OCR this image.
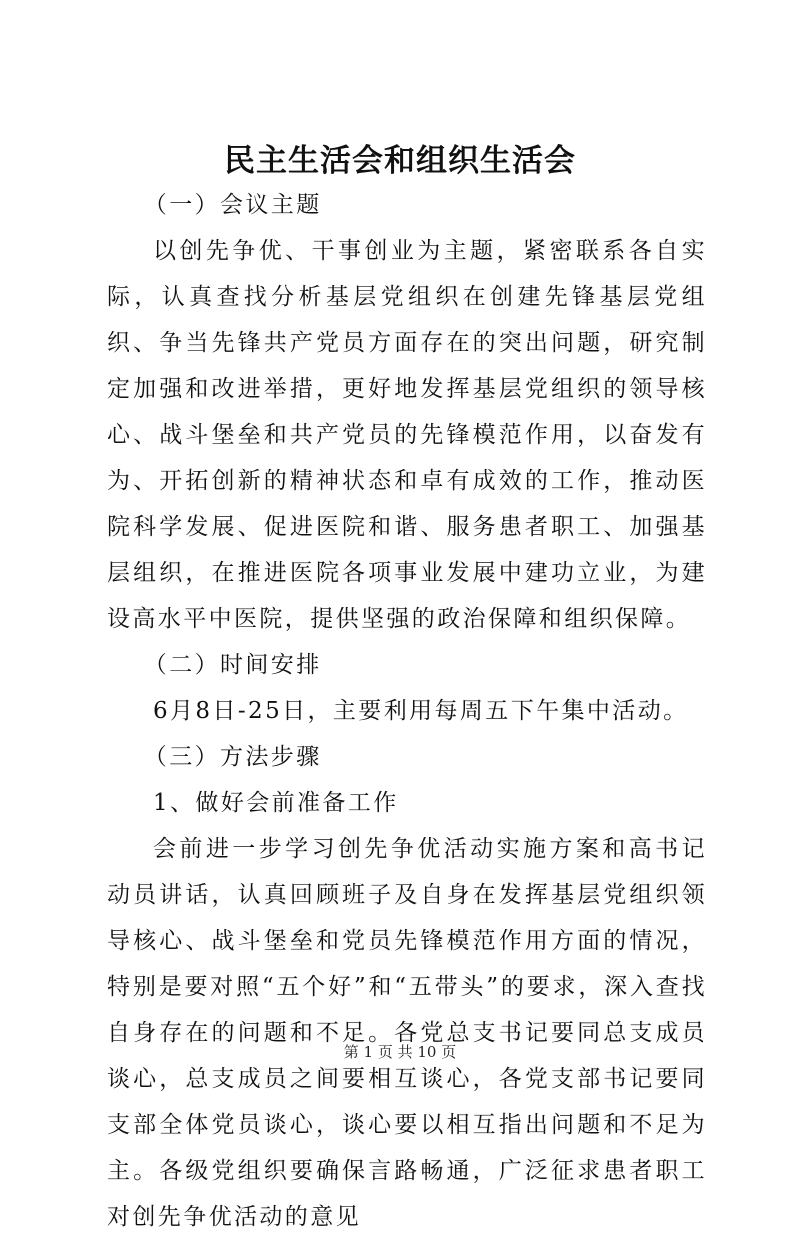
民主生活会和组织生活会

（一）会议主题

以创先争优、干事创业为主题，紧密联系各自实际，认真查找分析基层党组织在创建先锋基层党组织、争当先锋共产党员方面存在的突出问题，研究制定加强和改进举措，更好地发挥基层党组织的领导核心、战斗堡垒和共产党员的先锋模范作用，以奋发有为、开拓创新的精神状态和卓有成效的工作，推动医院科学发展、促进医院和谐、服务患者职工、加强基层组织，在推进医院各项事业发展中建功立业，为建设高水平中医院，提供坚强的政治保障和组织保障。

（二）时间安排

6月8日-25日，主要利用每周五下午集中活动。

（三）方法步骤

1、做好会前准备工作

会前进一步学习创先争优活动实施方案和高书记动员讲话，认真回顾班子及自身在发挥基层党组织领导核心、战斗堡垒和党员先锋模范作用方面的情况，特别是要对照“五个好”和“五带头”的要求，深入查找自身存在的问题和不足。各党总支书记要同总支成员谈心，总支成员之间要相互谈心，各党支部书记要同支部全体党员谈心，谈心要以相互指出问题和不足为主。各级党组织要确保言路畅通，广泛征求患者职工对创先争优活动的意见

第 1 页 共 10 页
